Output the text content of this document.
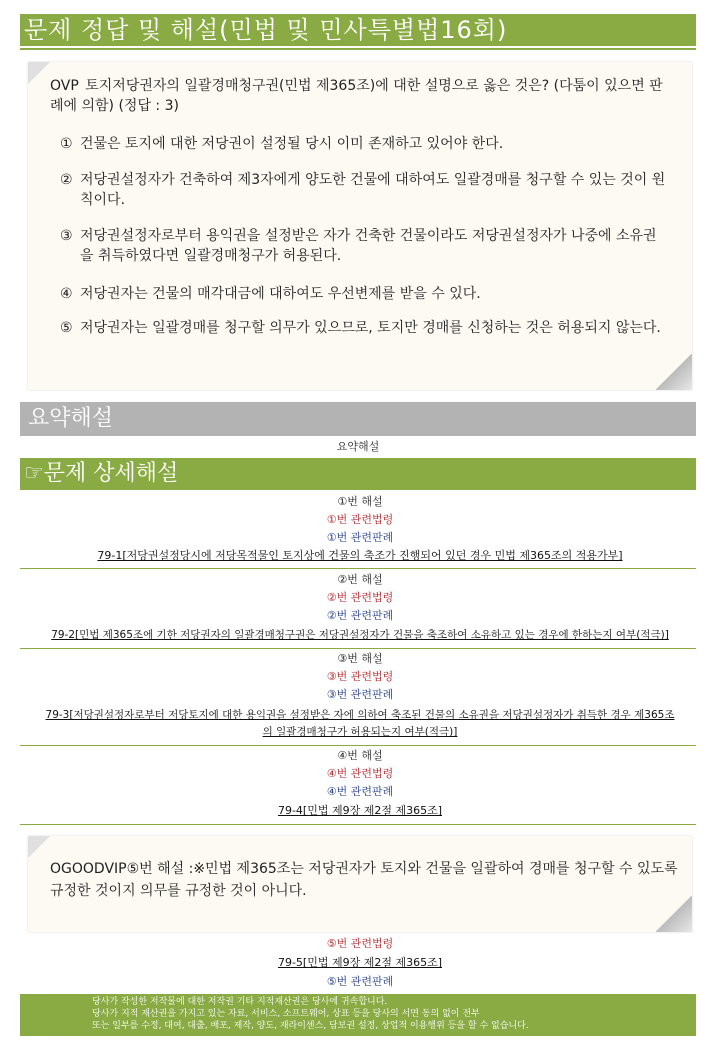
문제 정답 및 해설(민법 및 민사특별법16회)
OVP 토지저당권자의 일괄경매청구권(민법 제365조)에 대한 설명으로 옳은 것은? (다툼이 있으면 판례에 의함) (정답 : 3)
① 건물은 토지에 대한 저당권이 설정될 당시 이미 존재하고 있어야 한다.
② 저당권설정자가 건축하여 제3자에게 양도한 건물에 대하여도 일괄경매를 청구할 수 있는 것이 원칙이다.
③ 저당권설정자로부터 용익권을 설정받은 자가 건축한 건물이라도 저당권설정자가 나중에 소유권을 취득하였다면 일괄경매청구가 허용된다.
④ 저당권자는 건물의 매각대금에 대하여도 우선변제를 받을 수 있다.
⑤ 저당권자는 일괄경매를 청구할 의무가 있으므로, 토지만 경매를 신청하는 것은 허용되지 않는다.
요약해설
요약해설
☞문제 상세해설
①번 해설
①번 관련법령
①번 관련판례
79-1[저당권설정당시에 저당목적물인 토지상에 건물의 축조가 진행되어 있던 경우 민법 제365조의 적용가부]
②번 해설
②번 관련법령
②번 관련판례
79-2[민법 제365조에 기한 저당권자의 일괄경매청구권은 저당권설정자가 건물을 축조하여 소유하고 있는 경우에 한하는지 여부(적극)]
③번 해설
③번 관련법령
③번 관련판례
79-3[저당권설정자로부터 저당토지에 대한 용익권을 설정받은 자에 의하여 축조된 건물의 소유권을 저당권설정자가 취득한 경우 제365조
의 일괄경매청구가 허용되는지 여부(적극)]
④번 해설
④번 관련법령
④번 관련판례
79-4[민법 제9장 제2절 제365조]
OGOODVIP⑤번 해설 :※민법 제365조는 저당권자가 토지와 건물을 일괄하여 경매를 청구할 수 있도록 규정한 것이지 의무를 규정한 것이 아니다.
⑤번 관련법령
79-5[민법 제9장 제2절 제365조]
⑤번 관련판례
당사가 작성한 저작물에 대한 저작권 기타 지적재산권은 당사에 귀속합니다.
당사가 지적 재산권을 가지고 있는 자료, 서비스, 소프트웨어, 상표 등을 당사의 서면 동의 없이 전부
또는 일부를 수정, 대여, 대출, 배포, 제작, 양도, 재라이센스, 담보권 설정, 상업적 이용행위 등을 할 수 없습니다.
